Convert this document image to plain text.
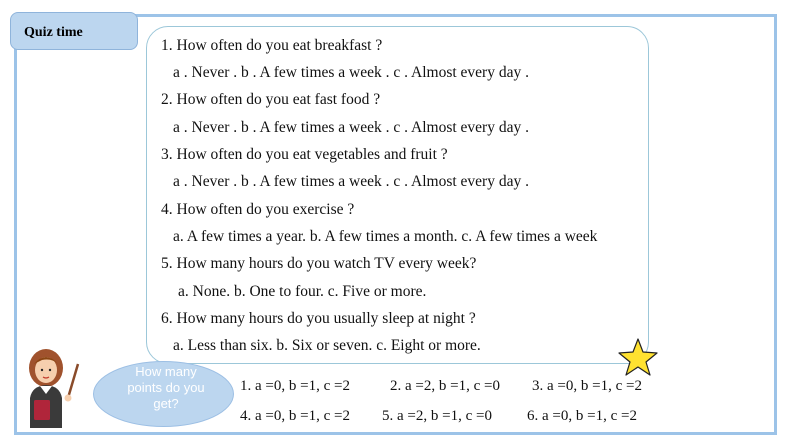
Quiz time
1. How often do you eat breakfast ?
a . Never . b . A few times a week . c . Almost every day .
2. How often do you eat fast food ?
a . Never . b . A few times a week . c . Almost every day .
3. How often do you eat vegetables and fruit ?
a . Never . b . A few times a week . c . Almost every day .
4. How often do you exercise ?
a. A few times a year. b. A few times a month. c. A few times a week
5. How many hours do you watch TV every week?
a. None. b. One to four. c. Five or more.
6. How many hours do you usually sleep at night ?
a. Less than six. b. Six or seven. c. Eight or more.
How many points do you get?
1. a =0, b =1, c =2	2. a =2, b =1, c =0 3. a =0, b =1, c =2
4. a =0, b =1, c =2 5. a =2, b =1, c =0 6. a =0, b =1, c =2
